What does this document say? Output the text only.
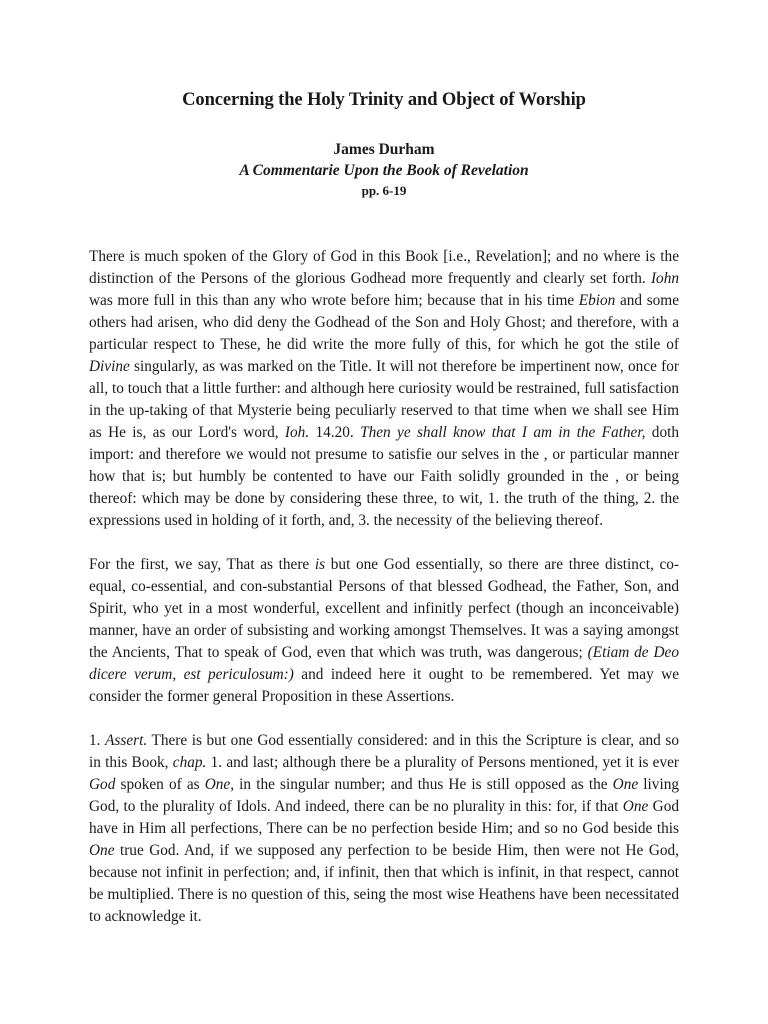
Concerning the Holy Trinity and Object of Worship
James Durham
A Commentarie Upon the Book of Revelation
pp. 6-19

There is much spoken of the Glory of God in this Book [i.e., Revelation]; and no where is the distinction of the Persons of the glorious Godhead more frequently and clearly set forth. Iohn was more full in this than any who wrote before him; because that in his time Ebion and some others had arisen, who did deny the Godhead of the Son and Holy Ghost; and therefore, with a particular respect to These, he did write the more fully of this, for which he got the stile of Divine singularly, as was marked on the Title. It will not therefore be impertinent now, once for all, to touch that a little further: and although here curiosity would be restrained, full satisfaction in the up-taking of that Mysterie being peculiarly reserved to that time when we shall see Him as He is, as our Lord's word, Ioh. 14.20. Then ye shall know that I am in the Father, doth import: and therefore we would not presume to satisfie our selves in the , or particular manner how that is; but humbly be contented to have our Faith solidly grounded in the , or being thereof: which may be done by considering these three, to wit, 1. the truth of the thing, 2. the expressions used in holding of it forth, and, 3. the necessity of the believing thereof.

For the first, we say, That as there is but one God essentially, so there are three distinct, co-equal, co-essential, and con-substantial Persons of that blessed Godhead, the Father, Son, and Spirit, who yet in a most wonderful, excellent and infinitly perfect (though an inconceivable) manner, have an order of subsisting and working amongst Themselves. It was a saying amongst the Ancients, That to speak of God, even that which was truth, was dangerous; (Etiam de Deo dicere verum, est periculosum:) and indeed here it ought to be remembered. Yet may we consider the former general Proposition in these Assertions.

1. Assert. There is but one God essentially considered: and in this the Scripture is clear, and so in this Book, chap. 1. and last; although there be a plurality of Persons mentioned, yet it is ever God spoken of as One, in the singular number; and thus He is still opposed as the One living God, to the plurality of Idols. And indeed, there can be no plurality in this: for, if that One God have in Him all perfections, There can be no perfection beside Him; and so no God beside this One true God. And, if we supposed any perfection to be beside Him, then were not He God, because not infinit in perfection; and, if infinit, then that which is infinit, in that respect, cannot be multiplied. There is no question of this, seing the most wise Heathens have been necessitated to acknowledge it.
